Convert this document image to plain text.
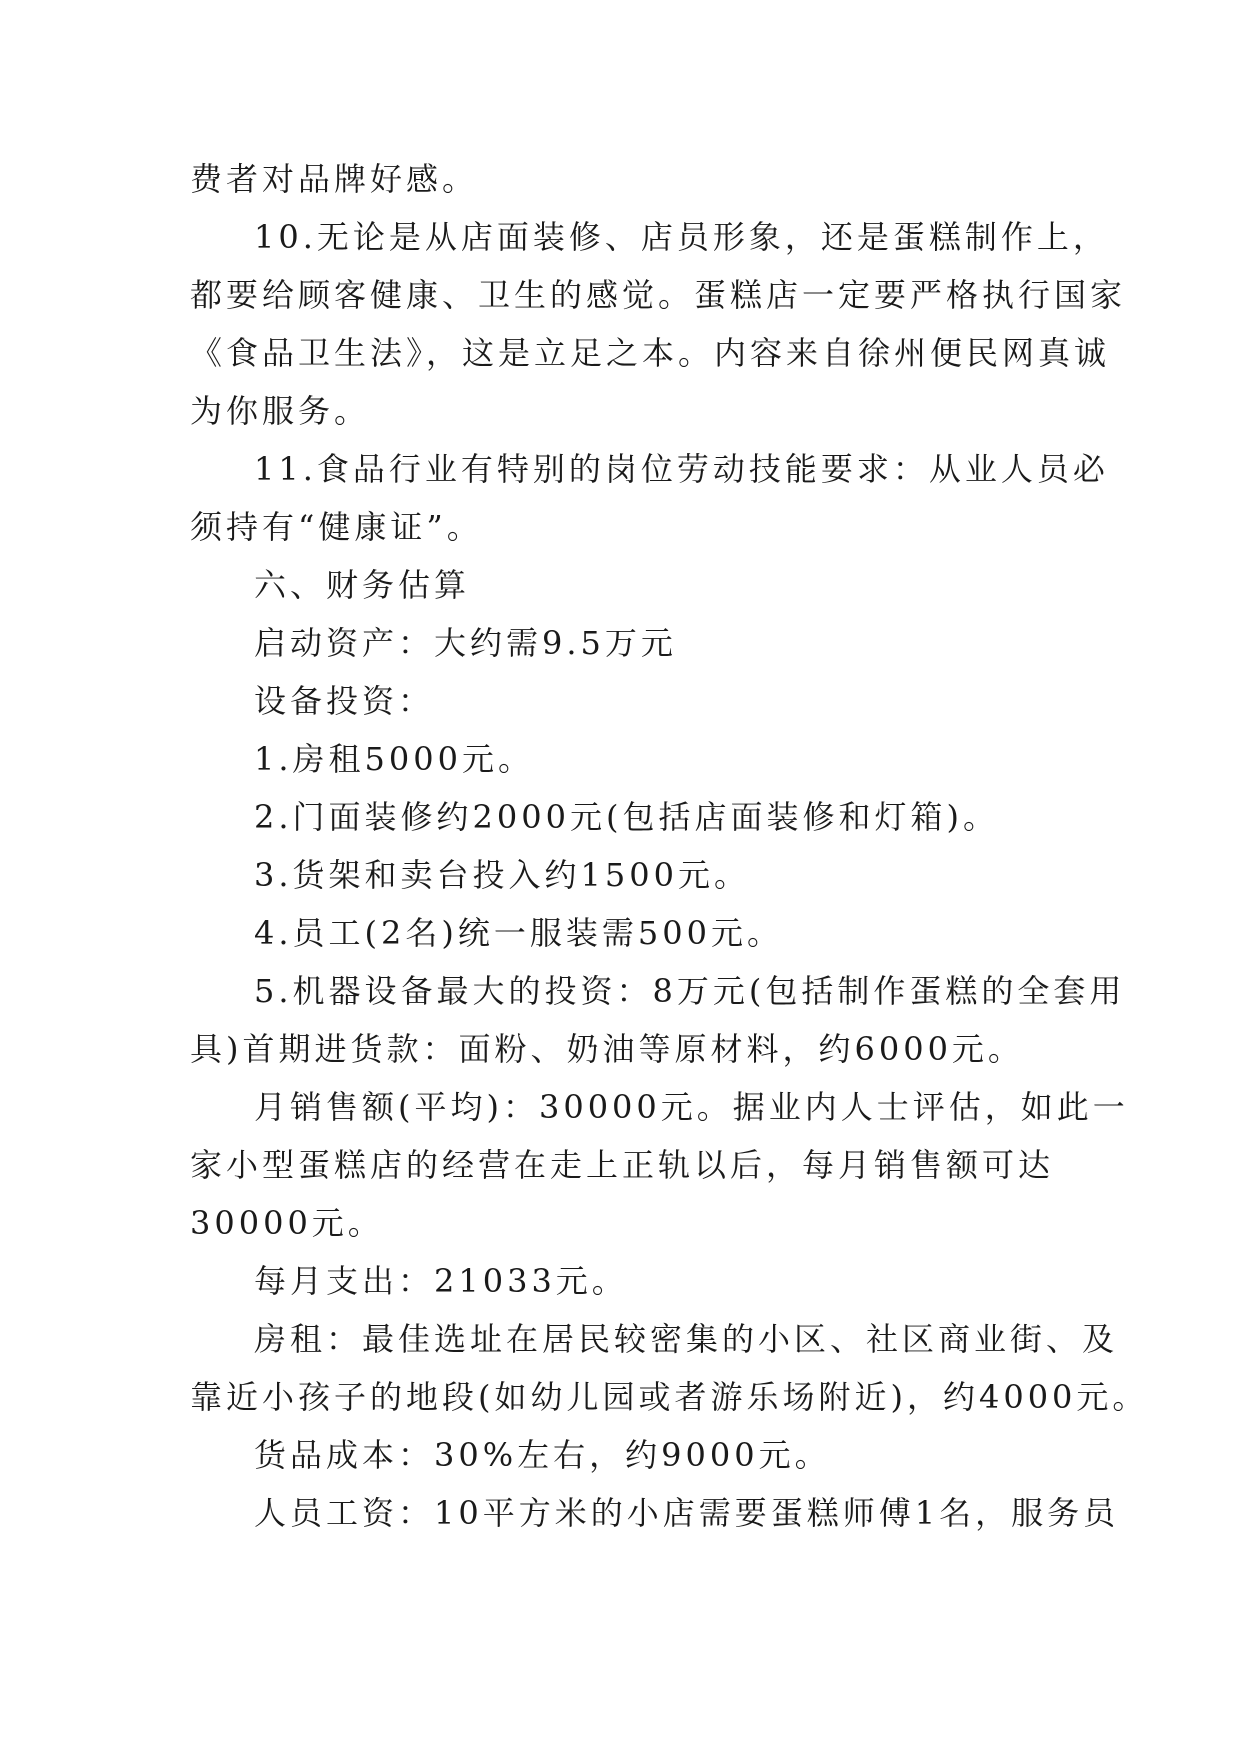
费者对品牌好感。

10.无论是从店面装修、店员形象，还是蛋糕制作上，

都要给顾客健康、卫生的感觉。蛋糕店一定要严格执行国家

《食品卫生法》，这是立足之本。内容来自徐州便民网真诚

为你服务。

11.食品行业有特别的岗位劳动技能要求：从业人员必

须持有“健康证”。

六、财务估算

启动资产：大约需9.5万元

设备投资：

1.房租5000元。

2.门面装修约2000元(包括店面装修和灯箱)。

3.货架和卖台投入约1500元。

4.员工(2名)统一服装需500元。

5.机器设备最大的投资：8万元(包括制作蛋糕的全套用

具)首期进货款：面粉、奶油等原材料，约6000元。

月销售额(平均)：30000元。据业内人士评估，如此一

家小型蛋糕店的经营在走上正轨以后，每月销售额可达

30000元。

每月支出：21033元。

房租：最佳选址在居民较密集的小区、社区商业街、及

靠近小孩子的地段(如幼儿园或者游乐场附近)，约4000元。

货品成本：30%左右，约9000元。

人员工资：10平方米的小店需要蛋糕师傅1名，服务员
